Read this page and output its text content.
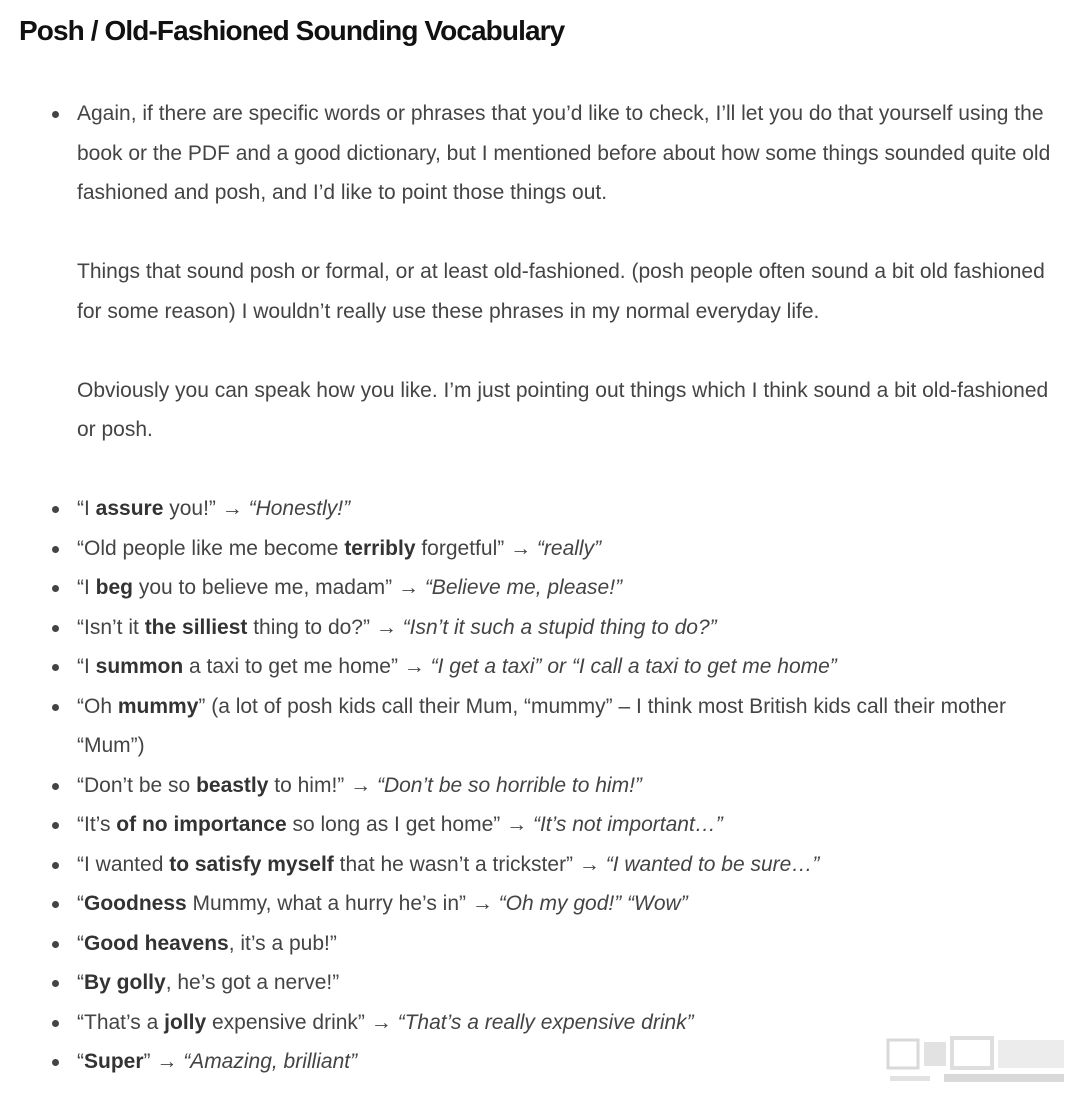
Posh / Old-Fashioned Sounding Vocabulary

Again, if there are specific words or phrases that you’d like to check, I’ll let you do that yourself using the book or the PDF and a good dictionary, but I mentioned before about how some things sounded quite old fashioned and posh, and I’d like to point those things out.

Things that sound posh or formal, or at least old-fashioned. (posh people often sound a bit old fashioned for some reason) I wouldn’t really use these phrases in my normal everyday life.

Obviously you can speak how you like. I’m just pointing out things which I think sound a bit old-fashioned or posh.

“I assure you!” → “Honestly!”
“Old people like me become terribly forgetful” → “really”
“I beg you to believe me, madam” → “Believe me, please!”
“Isn’t it the silliest thing to do?” → “Isn’t it such a stupid thing to do?”
“I summon a taxi to get me home” → “I get a taxi” or “I call a taxi to get me home”
“Oh mummy” (a lot of posh kids call their Mum, “mummy” – I think most British kids call their mother “Mum”)
“Don’t be so beastly to him!” → “Don’t be so horrible to him!”
“It’s of no importance so long as I get home” → “It’s not important…”
“I wanted to satisfy myself that he wasn’t a trickster” → “I wanted to be sure…”
“Goodness Mummy, what a hurry he’s in” → “Oh my god!” “Wow”
“Good heavens, it’s a pub!”
“By golly, he’s got a nerve!”
“That’s a jolly expensive drink” → “That’s a really expensive drink”
“Super” → “Amazing, brilliant”
